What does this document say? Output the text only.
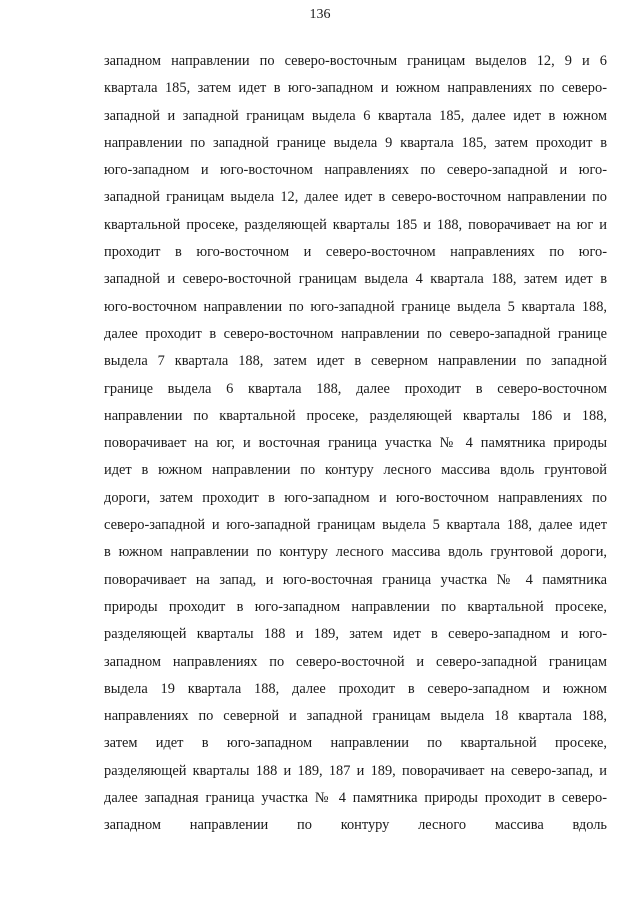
136
западном направлении по северо-восточным границам выделов 12, 9 и 6
квартала 185, затем идет в юго-западном и южном направлениях по северо-
западной и западной границам выдела 6 квартала 185, далее идет в южном
направлении по западной границе выдела 9 квартала 185, затем проходит в
юго-западном и юго-восточном направлениях по северо-западной и юго-
западной границам выдела 12, далее идет в северо-восточном направлении по
квартальной просеке, разделяющей кварталы 185 и 188, поворачивает на юг и
проходит в юго-восточном и северо-восточном направлениях по юго-
западной и северо-восточной границам выдела 4 квартала 188, затем идет в
юго-восточном направлении по юго-западной границе выдела 5 квартала 188,
далее проходит в северо-восточном направлении по северо-западной границе
выдела 7 квартала 188, затем идет в северном направлении по западной
границе выдела 6 квартала 188, далее проходит в северо-восточном
направлении по квартальной просеке, разделяющей кварталы 186 и 188,
поворачивает на юг, и восточная граница участка № 4 памятника природы
идет в южном направлении по контуру лесного массива вдоль грунтовой
дороги, затем проходит в юго-западном и юго-восточном направлениях по
северо-западной и юго-западной границам выдела 5 квартала 188, далее идет
в южном направлении по контуру лесного массива вдоль грунтовой дороги,
поворачивает на запад, и юго-восточная граница участка № 4 памятника
природы проходит в юго-западном направлении по квартальной просеке,
разделяющей кварталы 188 и 189, затем идет в северо-западном и юго-
западном направлениях по северо-восточной и северо-западной границам
выдела 19 квартала 188, далее проходит в северо-западном и южном
направлениях по северной и западной границам выдела 18 квартала 188,
затем идет в юго-западном направлении по квартальной просеке,
разделяющей кварталы 188 и 189, 187 и 189, поворачивает на северо-запад, и
далее западная граница участка № 4 памятника природы проходит в северо-
западном направлении по контуру лесного массива вдоль
